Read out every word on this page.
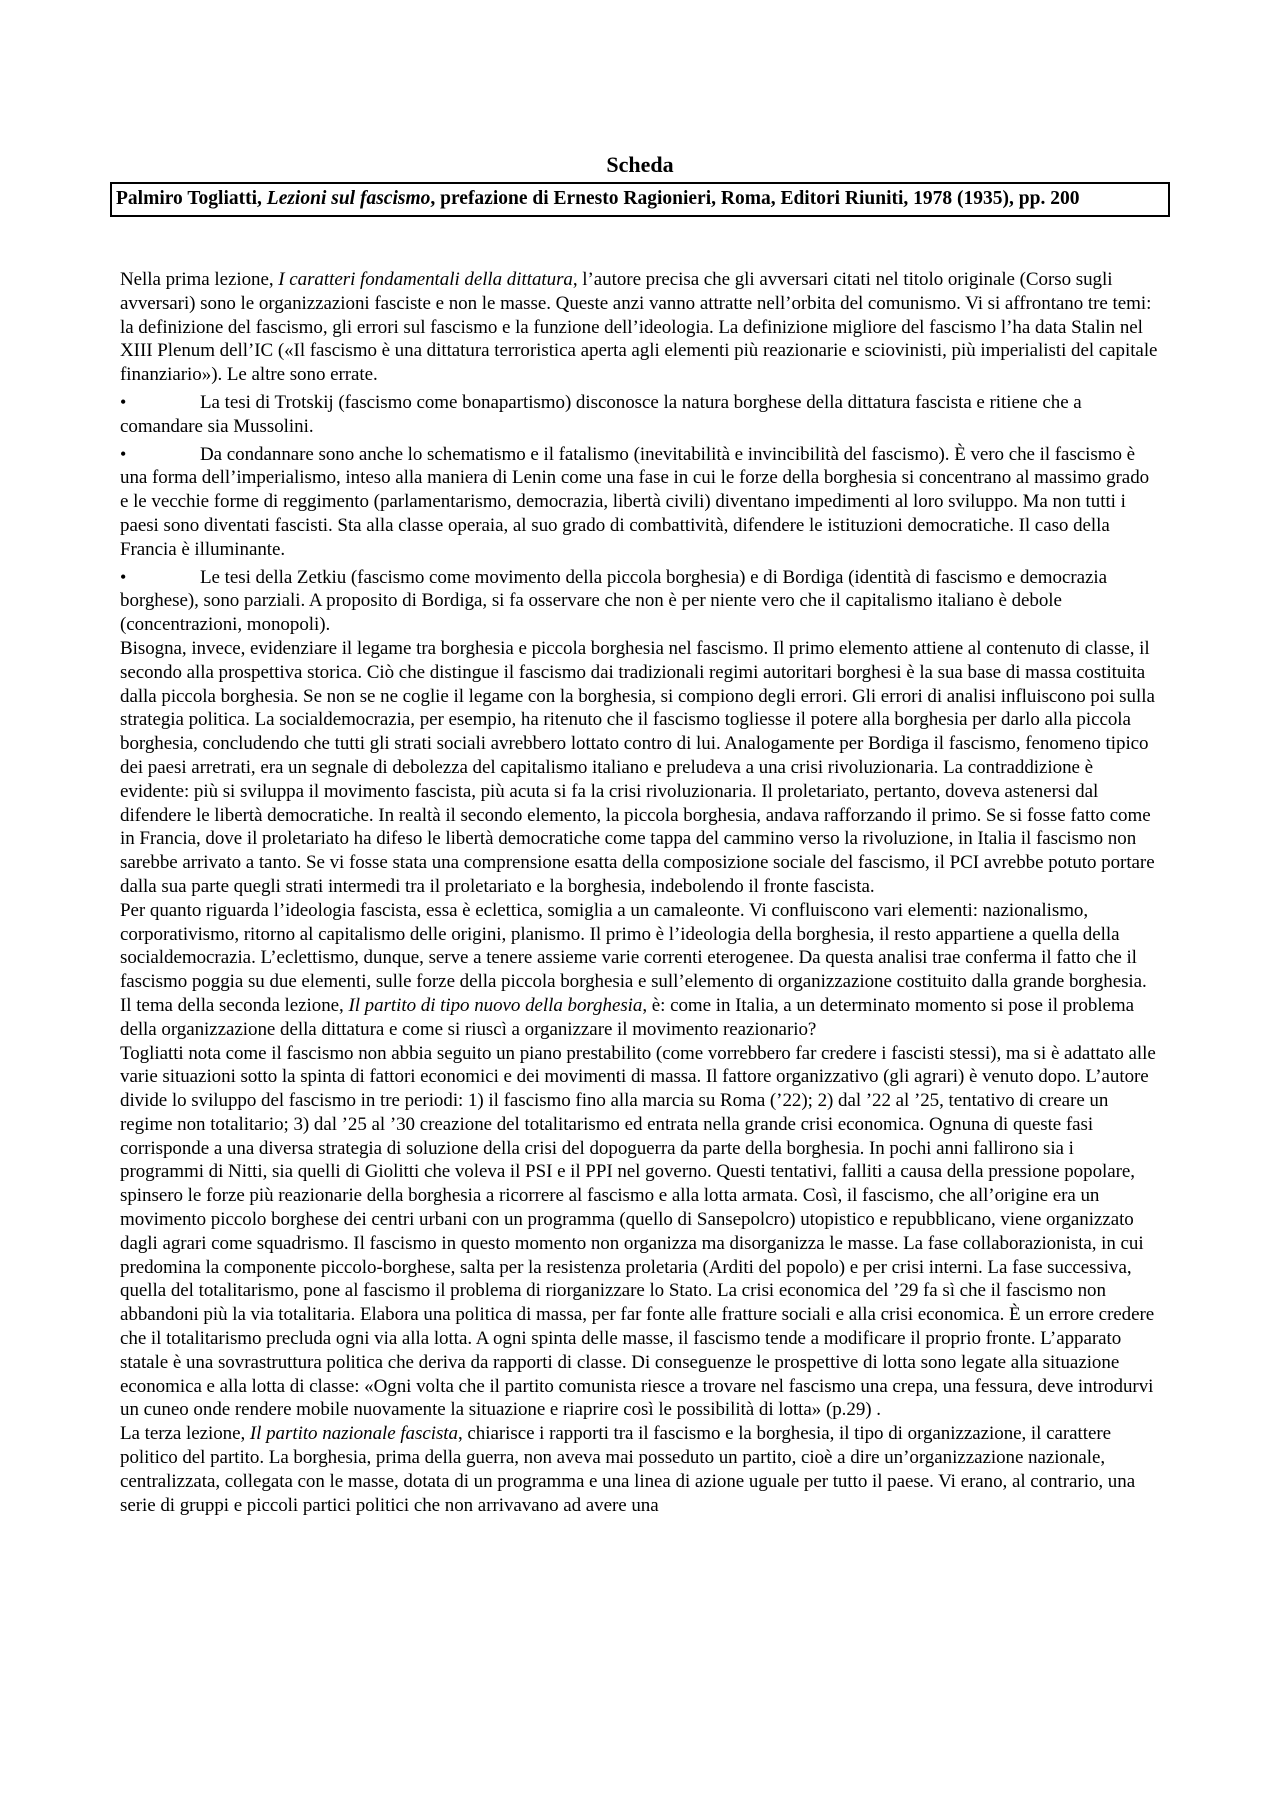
Scheda
Palmiro Togliatti, Lezioni sul fascismo, prefazione di Ernesto Ragionieri, Roma, Editori Riuniti, 1978 (1935), pp. 200

Nella prima lezione, I caratteri fondamentali della dittatura, l’autore precisa che gli avversari citati nel titolo originale (Corso sugli avversari) sono le organizzazioni fasciste e non le masse. Queste anzi vanno attratte nell’orbita del comunismo. Vi si affrontano tre temi: la definizione del fascismo, gli errori sul fascismo e la funzione dell’ideologia. La definizione migliore del fascismo l’ha data Stalin nel XIII Plenum dell’IC («Il fascismo è una dittatura terroristica aperta agli elementi più reazionarie e sciovinisti, più imperialisti del capitale finanziario»). Le altre sono errate.

•	La tesi di Trotskij (fascismo come bonapartismo) disconosce la natura borghese della dittatura fascista e ritiene che a comandare sia Mussolini.

•	Da condannare sono anche lo schematismo e il fatalismo (inevitabilità e invincibilità del fascismo). È vero che il fascismo è una forma dell’imperialismo, inteso alla maniera di Lenin come una fase in cui le forze della borghesia si concentrano al massimo grado e le vecchie forme di reggimento (parlamentarismo, democrazia, libertà civili) diventano impedimenti al loro sviluppo. Ma non tutti i paesi sono diventati fascisti. Sta alla classe operaia, al suo grado di combattività, difendere le istituzioni democratiche. Il caso della Francia è illuminante.

•	Le tesi della Zetkiu (fascismo come movimento della piccola borghesia) e di Bordiga (identità di fascismo e democrazia borghese), sono parziali. A proposito di Bordiga, si fa osservare che non è per niente vero che il capitalismo italiano è debole (concentrazioni, monopoli).

Bisogna, invece, evidenziare il legame tra borghesia e piccola borghesia nel fascismo. Il primo elemento attiene al contenuto di classe, il secondo alla prospettiva storica. Ciò che distingue il fascismo dai tradizionali regimi autoritari borghesi è la sua base di massa costituita dalla piccola borghesia. Se non se ne coglie il legame con la borghesia, si compiono degli errori. Gli errori di analisi influiscono poi sulla strategia politica. La socialdemocrazia, per esempio, ha ritenuto che il fascismo togliesse il potere alla borghesia per darlo alla piccola borghesia, concludendo che tutti gli strati sociali avrebbero lottato contro di lui. Analogamente per Bordiga il fascismo, fenomeno tipico dei paesi arretrati, era un segnale di debolezza del capitalismo italiano e preludeva a una crisi rivoluzionaria. La contraddizione è evidente: più si sviluppa il movimento fascista, più acuta si fa la crisi rivoluzionaria. Il proletariato, pertanto, doveva astenersi dal difendere le libertà democratiche. In realtà il secondo elemento, la piccola borghesia, andava rafforzando il primo. Se si fosse fatto come in Francia, dove il proletariato ha difeso le libertà democratiche come tappa del cammino verso la rivoluzione, in Italia il fascismo non sarebbe arrivato a tanto. Se vi fosse stata una comprensione esatta della composizione sociale del fascismo, il PCI avrebbe potuto portare dalla sua parte quegli strati intermedi tra il proletariato e la borghesia, indebolendo il fronte fascista.

Per quanto riguarda l’ideologia fascista, essa è eclettica, somiglia a un camaleonte. Vi confluiscono vari elementi: nazionalismo, corporativismo, ritorno al capitalismo delle origini, planismo. Il primo è l’ideologia della borghesia, il resto appartiene a quella della socialdemocrazia. L’eclettismo, dunque, serve a tenere assieme varie correnti eterogenee. Da questa analisi trae conferma il fatto che il fascismo poggia su due elementi, sulle forze della piccola borghesia e sull’elemento di organizzazione costituito dalla grande borghesia.

Il tema della seconda lezione, Il partito di tipo nuovo della borghesia, è: come in Italia, a un determinato momento si pose il problema della organizzazione della dittatura e come si riuscì a organizzare il movimento reazionario?

Togliatti nota come il fascismo non abbia seguito un piano prestabilito (come vorrebbero far credere i fascisti stessi), ma si è adattato alle varie situazioni sotto la spinta di fattori economici e dei movimenti di massa. Il fattore organizzativo (gli agrari) è venuto dopo. L’autore divide lo sviluppo del fascismo in tre periodi: 1) il fascismo fino alla marcia su Roma (’22); 2) dal ’22 al ’25, tentativo di creare un regime non totalitario; 3) dal ’25 al ’30 creazione del totalitarismo ed entrata nella grande crisi economica. Ognuna di queste fasi corrisponde a una diversa strategia di soluzione della crisi del dopoguerra da parte della borghesia. In pochi anni fallirono sia i programmi di Nitti, sia quelli di Giolitti che voleva il PSI e il PPI nel governo. Questi tentativi, falliti a causa della pressione popolare, spinsero le forze più reazionarie della borghesia a ricorrere al fascismo e alla lotta armata. Così, il fascismo, che all’origine era un movimento piccolo borghese dei centri urbani con un programma (quello di Sansepolcro) utopistico e repubblicano, viene organizzato dagli agrari come squadrismo. Il fascismo in questo momento non organizza ma disorganizza le masse. La fase collaborazionista, in cui predomina la componente piccolo-borghese, salta per la resistenza proletaria (Arditi del popolo) e per crisi interni. La fase successiva, quella del totalitarismo, pone al fascismo il problema di riorganizzare lo Stato. La crisi economica del ’29 fa sì che il fascismo non abbandoni più la via totalitaria. Elabora una politica di massa, per far fonte alle fratture sociali e alla crisi economica. È un errore credere che il totalitarismo precluda ogni via alla lotta. A ogni spinta delle masse, il fascismo tende a modificare il proprio fronte. L’apparato statale è una sovrastruttura politica che deriva da rapporti di classe. Di conseguenze le prospettive di lotta sono legate alla situazione economica e alla lotta di classe: «Ogni volta che il partito comunista riesce a trovare nel fascismo una crepa, una fessura, deve introdurvi un cuneo onde rendere mobile nuovamente la situazione e riaprire così le possibilità di lotta» (p.29) .

La terza lezione, Il partito nazionale fascista, chiarisce i rapporti tra il fascismo e la borghesia, il tipo di organizzazione, il carattere politico del partito. La borghesia, prima della guerra, non aveva mai posseduto un partito, cioè a dire un’organizzazione nazionale, centralizzata, collegata con le masse, dotata di un programma e una linea di azione uguale per tutto il paese. Vi erano, al contrario, una serie di gruppi e piccoli partici politici che non arrivavano ad avere una
